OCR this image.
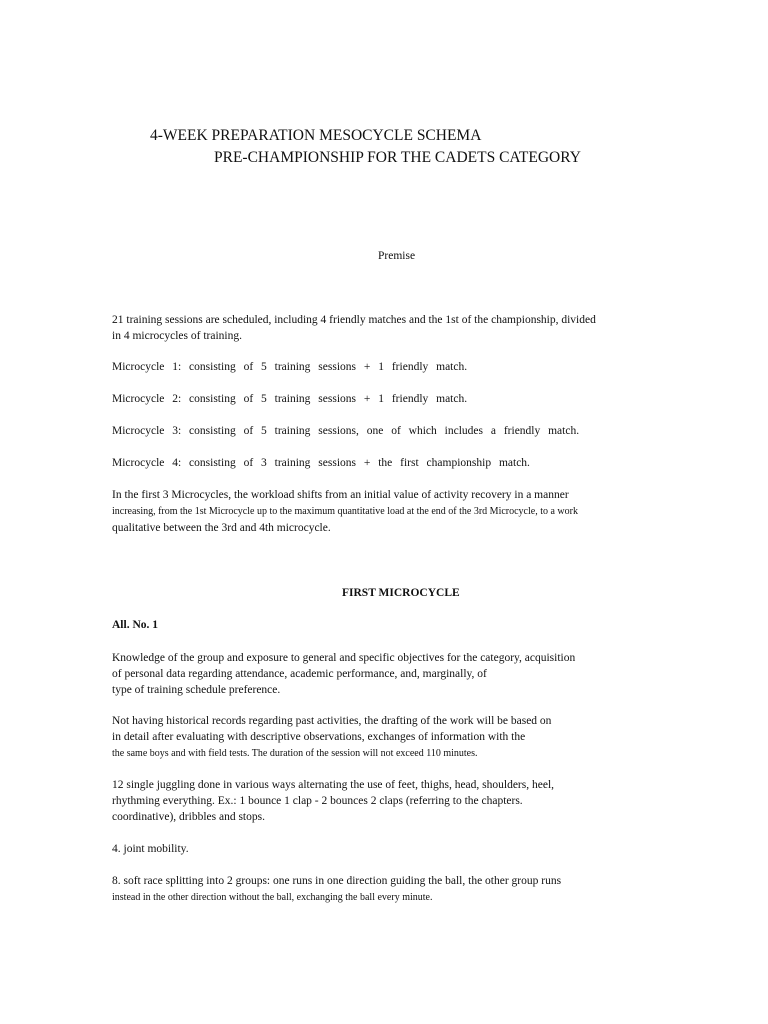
4-WEEK PREPARATION MESOCYCLE SCHEMA
PRE-CHAMPIONSHIP FOR THE CADETS CATEGORY
Premise
21 training sessions are scheduled, including 4 friendly matches and the 1st of the championship, divided
in 4 microcycles of training.
Microcycle 1: consisting of 5 training sessions + 1 friendly match.
Microcycle 2: consisting of 5 training sessions + 1 friendly match.
Microcycle 3: consisting of 5 training sessions, one of which includes a friendly match.
Microcycle 4: consisting of 3 training sessions + the first championship match.
In the first 3 Microcycles, the workload shifts from an initial value of activity recovery in a manner
increasing, from the 1st Microcycle up to the maximum quantitative load at the end of the 3rd Microcycle, to a work
qualitative between the 3rd and 4th microcycle.
FIRST MICROCYCLE
All. No. 1
Knowledge of the group and exposure to general and specific objectives for the category, acquisition
of personal data regarding attendance, academic performance, and, marginally, of
type of training schedule preference.
Not having historical records regarding past activities, the drafting of the work will be based on
in detail after evaluating with descriptive observations, exchanges of information with the
the same boys and with field tests. The duration of the session will not exceed 110 minutes.
12 single juggling done in various ways alternating the use of feet, thighs, head, shoulders, heel,
rhythming everything. Ex.: 1 bounce 1 clap - 2 bounces 2 claps (referring to the chapters.
coordinative), dribbles and stops.
4. joint mobility.
8. soft race splitting into 2 groups: one runs in one direction guiding the ball, the other group runs
instead in the other direction without the ball, exchanging the ball every minute.
